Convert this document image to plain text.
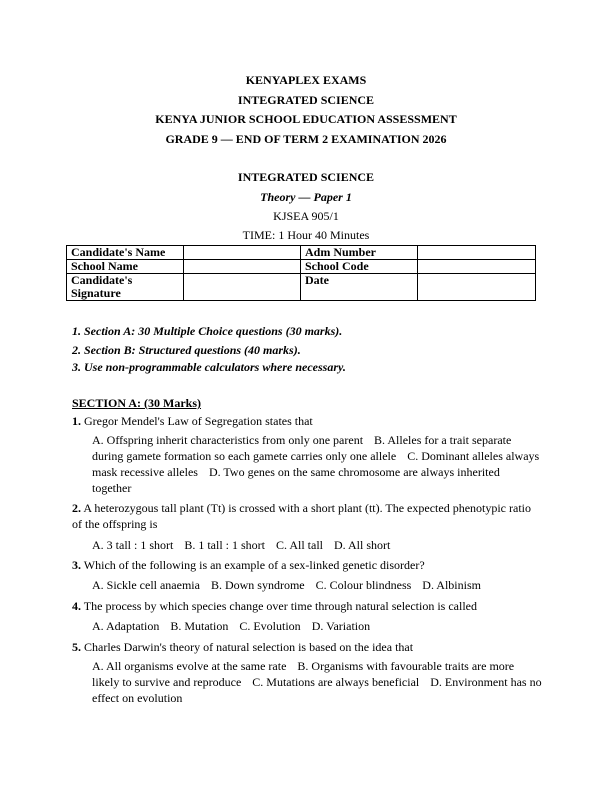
KENYAPLEX EXAMS
INTEGRATED SCIENCE
KENYA JUNIOR SCHOOL EDUCATION ASSESSMENT
GRADE 9 — END OF TERM 2 EXAMINATION 2026
INTEGRATED SCIENCE
Theory — Paper 1
KJSEA 905/1
TIME: 1 Hour 40 Minutes
Candidate's Name		Adm Number	
School Name		School Code	
Candidate's
Signature		Date	
1. Section A: 30 Multiple Choice questions (30 marks).
2. Section B: Structured questions (40 marks).
3. Use non-programmable calculators where necessary.
SECTION A: (30 Marks)
1. Gregor Mendel's Law of Segregation states that
A. Offspring inherit characteristics from only one parent B. Alleles for a trait separate during gamete formation so each gamete carries only one allele C. Dominant alleles always mask recessive alleles D. Two genes on the same chromosome are always inherited together
2. A heterozygous tall plant (Tt) is crossed with a short plant (tt). The expected phenotypic ratio of the offspring is
A. 3 tall : 1 short B. 1 tall : 1 short C. All tall D. All short
3. Which of the following is an example of a sex-linked genetic disorder?
A. Sickle cell anaemia B. Down syndrome C. Colour blindness D. Albinism
4. The process by which species change over time through natural selection is called
A. Adaptation B. Mutation C. Evolution D. Variation
5. Charles Darwin's theory of natural selection is based on the idea that
A. All organisms evolve at the same rate B. Organisms with favourable traits are more likely to survive and reproduce C. Mutations are always beneficial D. Environment has no effect on evolution
